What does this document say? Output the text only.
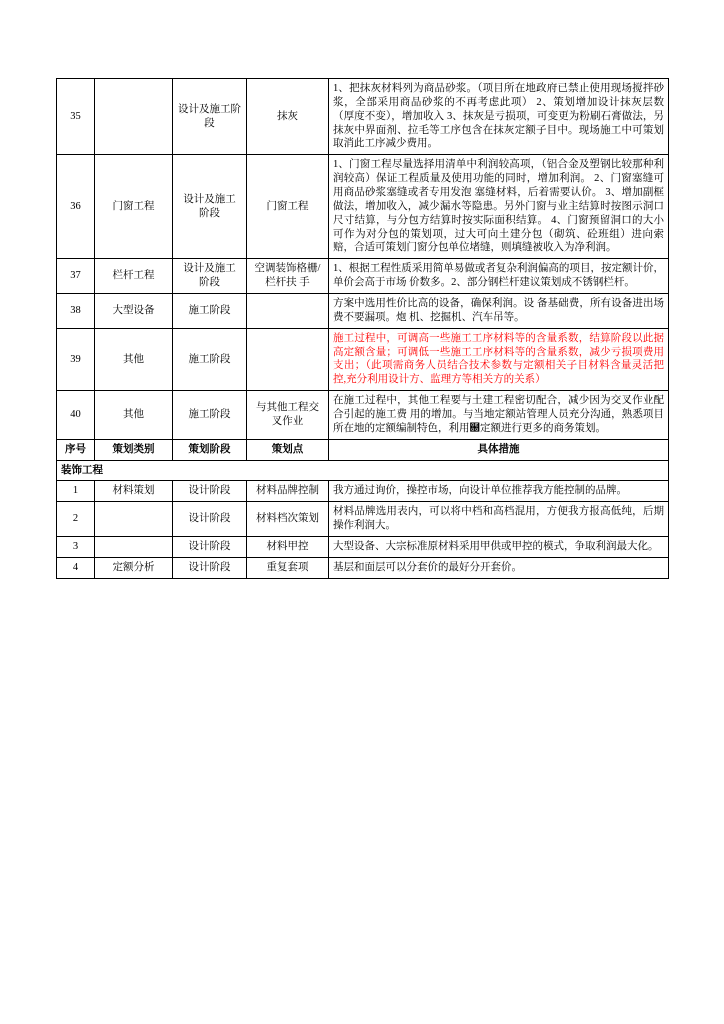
35		设计及施工阶段	抹灰	1、把抹灰材料列为商品砂浆。（项目所在地政府已禁止使用现场搅拌砂浆，全部采用商品砂浆的不再考虑此项） 2、策划增加设计抹灰层数（厚度不变），增加收入 3、抹灰是亏损项，可变更为粉刷石膏做法，另抹灰中界面剂、拉毛等工序包含在抹灰定额子目中。现场施工中可策划取消此工序减少费用。

36	门窗工程	设计及施工 阶段	门窗工程	1、门窗工程尽量选择用清单中利润较高项，（铝合金及塑钢比较那种利润较高）保证工程质量及使用功能的同时，增加利润。 2、门窗塞缝可用商品砂浆塞缝或者专用发泡 塞缝材料，后着需要认价。 3、增加副框做法，增加收入，减少漏水等隐患。另外门窗与业主结算时按图示洞口尺寸结算，与分包方结算时按实际面积结算。 4、门窗预留洞口的大小可作为对分包的策划项，过大可向土建分包（砌筑、砼班组）进向索赔，合适可策划门窗分包单位堵缝，则填缝被收入为净利润。

37	栏杆工程	设计及施工 阶段	空调装饰格栅/栏杆扶 手	1、根据工程性质采用简单易做或者复杂利润偏高的项目，按定额计价，单价会高于市场 价数多。2、部分钢栏杆建议策划成不锈钢栏杆。

38	大型设备	施工阶段		方案中选用性价比高的设备，确保利润。设 备基础费，所有设备进出场费不要漏项。炮 机、挖掘机、汽车吊等。

39	其他	施工阶段		施工过程中，可调高一些施工工序材料等的含量系数，结算阶段以此据高定额含量；可调低一些施工工序材料等的含量系数，减少亏损项费用支出；（此项需商务人员结合技术参数与定额相关子目材料含量灵活把控,充分利用设计方、监理方等相关方的关系）

40	其他	施工阶段	与其他工程交叉作业	在施工过程中，其他工程要与土建工程密切配合，减少因为交叉作业配合引起的施工费 用的增加。与当地定额站管理人员充分沟通，熟悉项目所在地的定额编制特色，利用฀定额进行更多的商务策划。

序号	策划类别	策划阶段	策划点	具体措施
装饰工程				
1	材料策划	设计阶段	材料品牌控制	我方通过询价，操控市场，向设计单位推荐我方能控制的品牌。

2		设计阶段	材料档次策划	材料品牌选用表内，可以将中档和高档混用，方便我方报高低纯，后期操作利润大。

3		设计阶段	材料甲控	大型设备、大宗标准原材料采用甲供或甲控的模式，争取利润最大化。

4	定额分析	设计阶段	重复套项	基层和面层可以分套价的最好分开套价。
